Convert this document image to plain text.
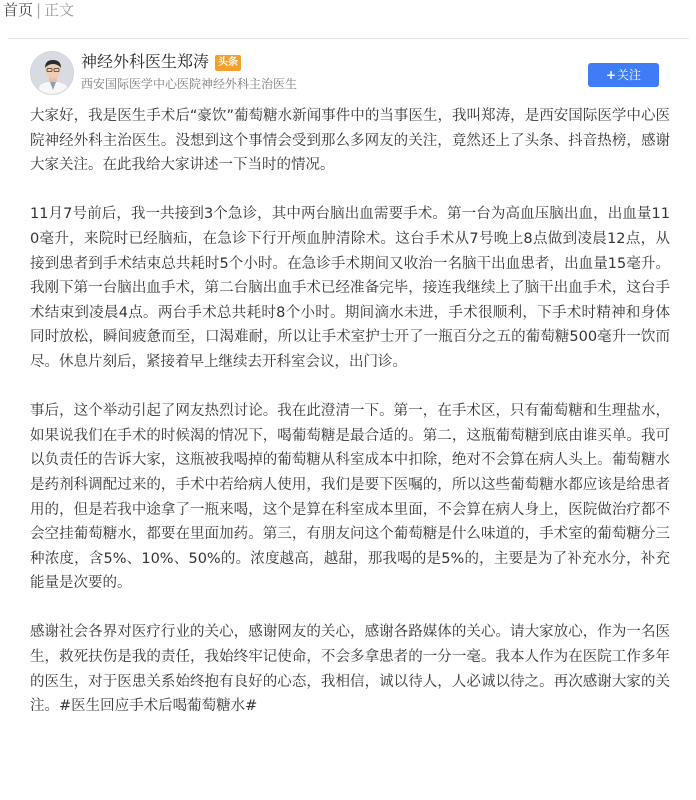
首页 | 正文
神经外科医生郑涛 头条
西安国际医学中心医院神经外科主治医生
+关注

大家好，我是医生手术后“豪饮”葡萄糖水新闻事件中的当事医生，我叫郑涛，是西安国际医学中心医院神经外科主治医生。没想到这个事情会受到那么多网友的关注，竟然还上了头条、抖音热榜，感谢大家关注。在此我给大家讲述一下当时的情况。

11月7号前后，我一共接到3个急诊，其中两台脑出血需要手术。第一台为高血压脑出血，出血量110毫升，来院时已经脑疝，在急诊下行开颅血肿清除术。这台手术从7号晚上8点做到凌晨12点，从接到患者到手术结束总共耗时5个小时。在急诊手术期间又收治一名脑干出血患者，出血量15毫升。我刚下第一台脑出血手术，第二台脑出血手术已经准备完毕，接连我继续上了脑干出血手术，这台手术结束到凌晨4点。两台手术总共耗时8个小时。期间滴水未进，手术很顺利，下手术时精神和身体同时放松，瞬间疲惫而至，口渴难耐，所以让手术室护士开了一瓶百分之五的葡萄糖500毫升一饮而尽。休息片刻后，紧接着早上继续去开科室会议，出门诊。

事后，这个举动引起了网友热烈讨论。我在此澄清一下。第一，在手术区，只有葡萄糖和生理盐水，如果说我们在手术的时候渴的情况下，喝葡萄糖是最合适的。第二，这瓶葡萄糖到底由谁买单。我可以负责任的告诉大家，这瓶被我喝掉的葡萄糖从科室成本中扣除，绝对不会算在病人头上。葡萄糖水是药剂科调配过来的，手术中若给病人使用，我们是要下医嘱的，所以这些葡萄糖水都应该是给患者用的，但是若我中途拿了一瓶来喝，这个是算在科室成本里面，不会算在病人身上，医院做治疗都不会空挂葡萄糖水，都要在里面加药。第三，有朋友问这个葡萄糖是什么味道的，手术室的葡萄糖分三种浓度，含5%、10%、50%的。浓度越高，越甜，那我喝的是5%的，主要是为了补充水分，补充能量是次要的。

感谢社会各界对医疗行业的关心，感谢网友的关心，感谢各路媒体的关心。请大家放心，作为一名医生，救死扶伤是我的责任，我始终牢记使命，不会多拿患者的一分一毫。我本人作为在医院工作多年的医生，对于医患关系始终抱有良好的心态，我相信，诚以待人，人必诚以待之。再次感谢大家的关注。#医生回应手术后喝葡萄糖水#
